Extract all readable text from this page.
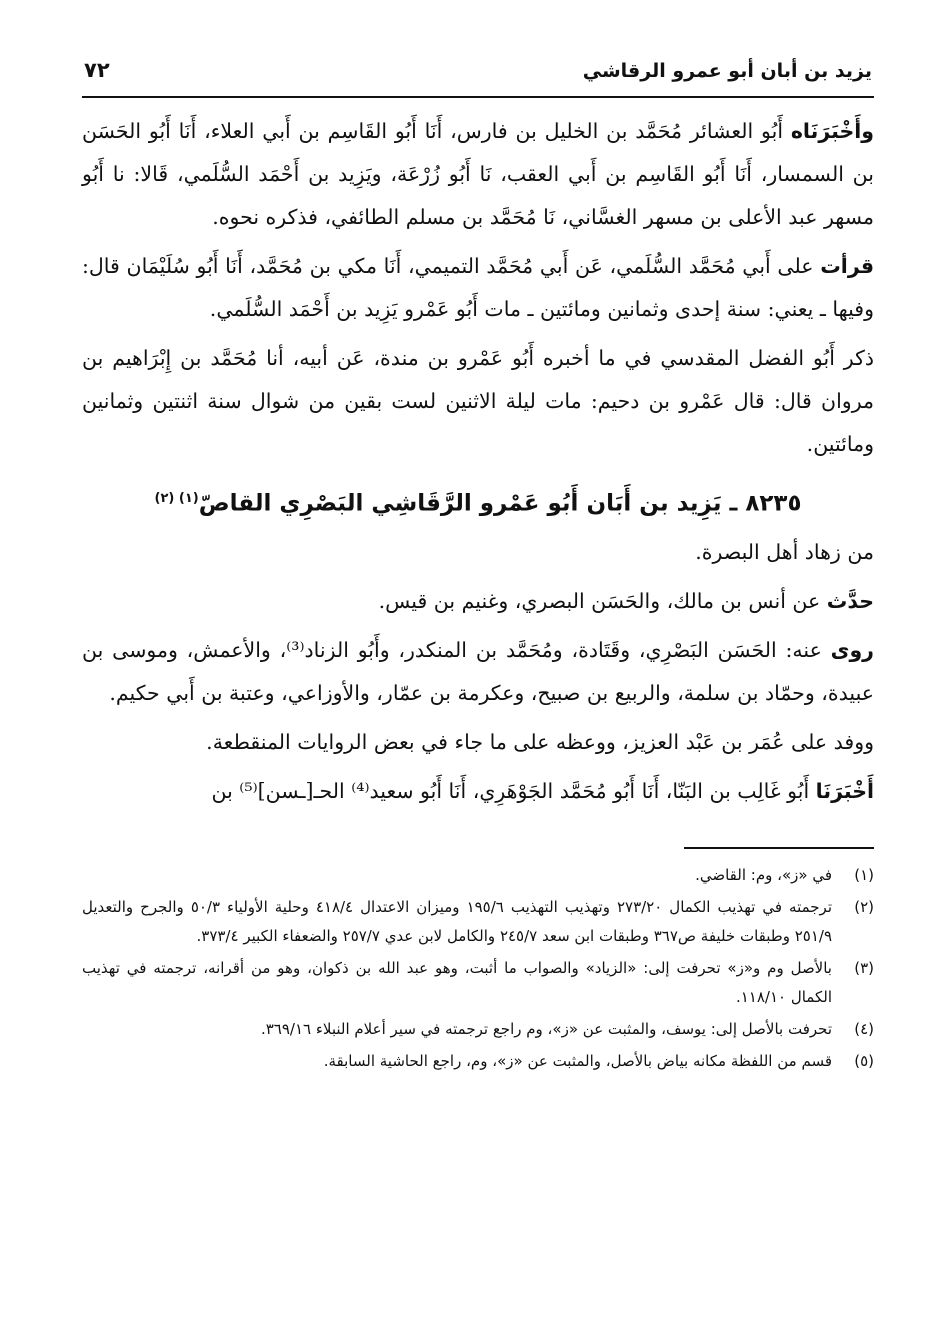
يزيد بن أبان أبو عمرو الرقاشي
٧٢

وأَخْبَرَنَاه أَبُو العشائر مُحَمَّد بن الخليل بن فارس، أَنَا أَبُو القَاسِم بن أَبي العلاء، أَنَا أَبُو الحَسَن بن السمسار، أَنَا أَبُو القَاسِم بن أَبي العقب، نَا أَبُو زُرْعَة، ويَزِيد بن أَحْمَد السُّلَمي، قَالا: نا أَبُو مسهر عبد الأعلى بن مسهر الغسَّاني، نَا مُحَمَّد بن مسلم الطائفي، فذكره نحوه.

قرأت على أَبي مُحَمَّد السُّلَمي، عَن أَبي مُحَمَّد التميمي، أَنَا مكي بن مُحَمَّد، أَنَا أَبُو سُلَيْمَان قال: وفيها ـ يعني: سنة إحدى وثمانين ومائتين ـ مات أَبُو عَمْرو يَزِيد بن أَحْمَد السُّلَمي.

ذكر أَبُو الفضل المقدسي في ما أخبره أَبُو عَمْرو بن مندة، عَن أبيه، أنا مُحَمَّد بن إِبْرَاهيم بن مروان قال: قال عَمْرو بن دحيم: مات ليلة الاثنين لست بقين من شوال سنة اثنتين وثمانين ومائتين.

٨٢٣٥ ـ يَزِيد بن أَبَان أَبُو عَمْرو الرَّقَاشِي البَصْرِي القاصّ$^{(١) (٢)}$

من زهاد أهل البصرة.

حدَّث عن أنس بن مالك، والحَسَن البصري، وغنيم بن قيس.

روى عنه: الحَسَن البَصْرِي، وقَتَادة، ومُحَمَّد بن المنكدر، وأَبُو الزناد⁽³⁾، والأعمش، وموسى بن عبيدة، وحمّاد بن سلمة، والربيع بن صبيح، وعكرمة بن عمّار، والأوزاعي، وعتبة بن أَبي حكيم.

ووفد على عُمَر بن عَبْد العزيز، ووعظه على ما جاء في بعض الروايات المنقطعة.

أَخْبَرَنَا أَبُو غَالِب بن البَنّا، أَنَا أَبُو مُحَمَّد الجَوْهَرِي، أَنَا أَبُو سعيد⁽⁴⁾ الحـ[ـسن]⁽⁵⁾ بن

(١)
في «ز»، وم: القاضي.
(٢)
ترجمته في تهذيب الكمال ٢٧٣/٢٠ وتهذيب التهذيب ١٩٥/٦ وميزان الاعتدال ٤١٨/٤ وحلية الأولياء ٥٠/٣ والجرح والتعديل ٢٥١/٩ وطبقات خليفة ص٣٦٧ وطبقات ابن سعد ٢٤٥/٧ والكامل لابن عدي ٢٥٧/٧ والضعفاء الكبير ٣٧٣/٤.
(٣)
بالأصل وم و«ز» تحرفت إلى: «الزياد» والصواب ما أثبت، وهو عبد الله بن ذكوان، وهو من أقرانه، ترجمته في تهذيب الكمال ١١٨/١٠.
(٤)
تحرفت بالأصل إلى: يوسف، والمثبت عن «ز»، وم راجع ترجمته في سير أعلام النبلاء ٣٦٩/١٦.
(٥)
قسم من اللفظة مكانه بياض بالأصل، والمثبت عن «ز»، وم، راجع الحاشية السابقة.
